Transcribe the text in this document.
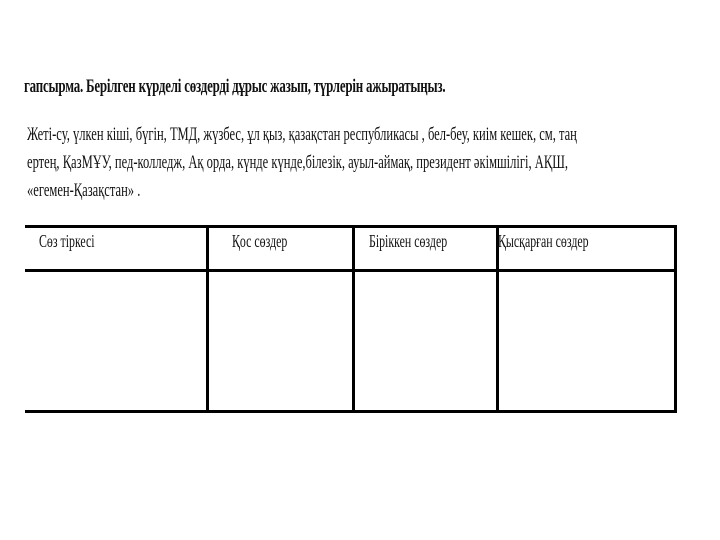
гапсырма. Берілген күрделі сөздерді дұрыс жазып, түрлерін ажыратыңыз.
Жеті-су, үлкен кіші, бүгін, ТМД, жүзбес, ұл қыз, қазақстан республикасы , бел-беу, киім кешек, см, таң
ертең, ҚазМҰУ, пед-колледж, Ақ орда, күнде күнде,білезік, ауыл-аймақ, президент әкімшілігі, АҚШ,
«егемен-Қазақстан» .
Сөз тіркесі	Қос сөздер	Біріккен сөздер	Қысқарған сөздер
